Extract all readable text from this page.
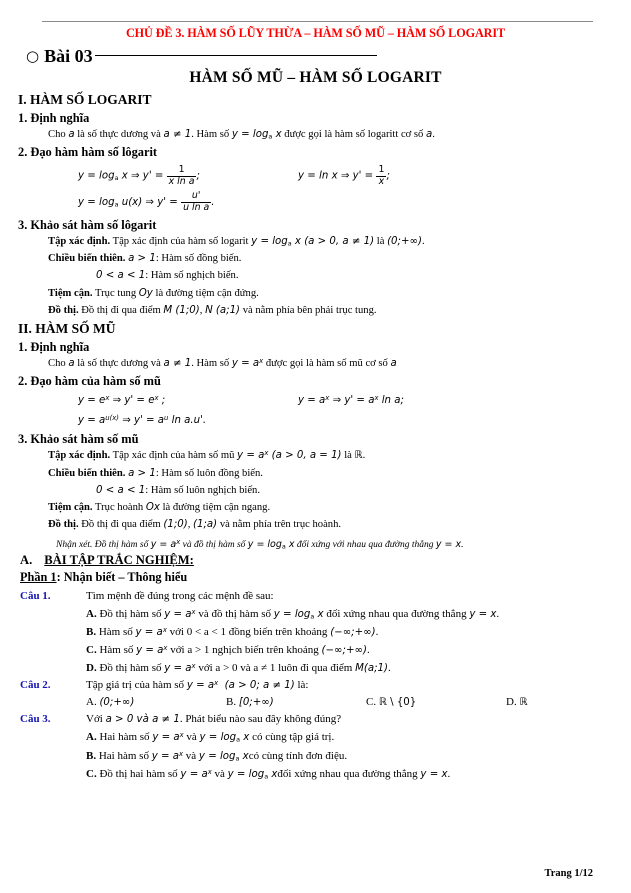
CHỦ ĐỀ 3. HÀM SỐ LŨY THỪA – HÀM SỐ MŨ – HÀM SỐ LOGARIT
○ Bài 03
HÀM SỐ MŨ – HÀM SỐ LOGARIT
I. HÀM SỐ LOGARIT
1. Định nghĩa
Cho a là số thực dương và a ≠ 1. Hàm số $y = \log_a x$ được gọi là hàm số logaritt cơ số a.
2. Đạo hàm hàm số lôgarit
$y = \log_a x$ ⇒ $y' = \frac{1}{\text{x ln a}}$ ;	y = ln x ⇒ $y' = \frac{1}{x}$ ;
$y = \log_a u(x)$ ⇒ $y' = \frac{u'}{\text{u ln a}}$ .
3. Khảo sát hàm số lôgarit
Tập xác định. Tập xác định của hàm số logarit $y = \log_a x$ (a > 0, a ≠ 1) là (0;+∞).
Chiều biến thiên. a > 1: Hàm số đồng biến.
0 < a < 1: Hàm số nghịch biến.
Tiệm cận. Trục tung Oy là đường tiệm cận đứng.
Đồ thị. Đồ thị đi qua điểm M (1;0), N (a;1) và nằm phía bên phải trục tung.
II. HÀM SỐ MŨ
1. Định nghĩa
Cho a là số thực dương và a ≠ 1. Hàm số $y = a^x$ được gọi là hàm số mũ cơ số a
2. Đạo hàm của hàm số mũ
$y = e^x$ ⇒ $y' = e^x$ ;	$y = a^x$ ⇒ $y' = a^x$ ln a;
$y = a^{u(x)}$ ⇒ $y' = a^u$ ln a.u'.
3. Khảo sát hàm số mũ
Tập xác định. Tập xác định của hàm số mũ $y = a^x$ (a > 0, a = 1) là ℝ.
Chiều biến thiên. a > 1: Hàm số luôn đồng biến.
0 < a < 1: Hàm số luôn nghịch biến.
Tiệm cận. Trục hoành Ox là đường tiệm cận ngang.
Đồ thị. Đồ thị đi qua điểm (1;0), (1;a) và nằm phía trên trục hoành.
Nhận xét. Đồ thị hàm số $y = a^x$ và đồ thị hàm số $y = \log_a x$ đối xứng với nhau qua đường thẳng y = x.
A. BÀI TẬP TRẮC NGHIỆM:
Phần 1: Nhận biết – Thông hiểu
Câu 1.	Tìm mệnh đề đúng trong các mệnh đề sau:
A. Đồ thị hàm số $y = a^x$ và đồ thị hàm số $y = \log_a x$ đối xứng nhau qua đường thẳng y = x.
B. Hàm số $y = a^x$ với 0 < a < 1 đồng biến trên khoảng (−∞;+∞).
C. Hàm số $y = a^x$ với a > 1 nghịch biến trên khoảng (−∞;+∞).
D. Đồ thị hàm số $y = a^x$ với a > 0 và a ≠ 1 luôn đi qua điểm M(a;1).
Câu 2.	Tập giá trị của hàm số $y = a^x$  (a > 0; a ≠ 1) là:
A. (0;+∞)	B. [0;+∞)	C. ℝ \ {0}	D. ℝ
Câu 3.	Với a > 0 và a ≠ 1. Phát biểu nào sau đây không đúng?
A. Hai hàm số $y = a^x$ và $y = \log_a x$ có cùng tập giá trị.
B. Hai hàm số $y = a^x$ và $y = \log_a$ xcó cùng tính đơn điệu.
C. Đồ thị hai hàm số $y = a^x$ và $y = \log_a$ xđối xứng nhau qua đường thẳng y = x.
Trang 1/12
